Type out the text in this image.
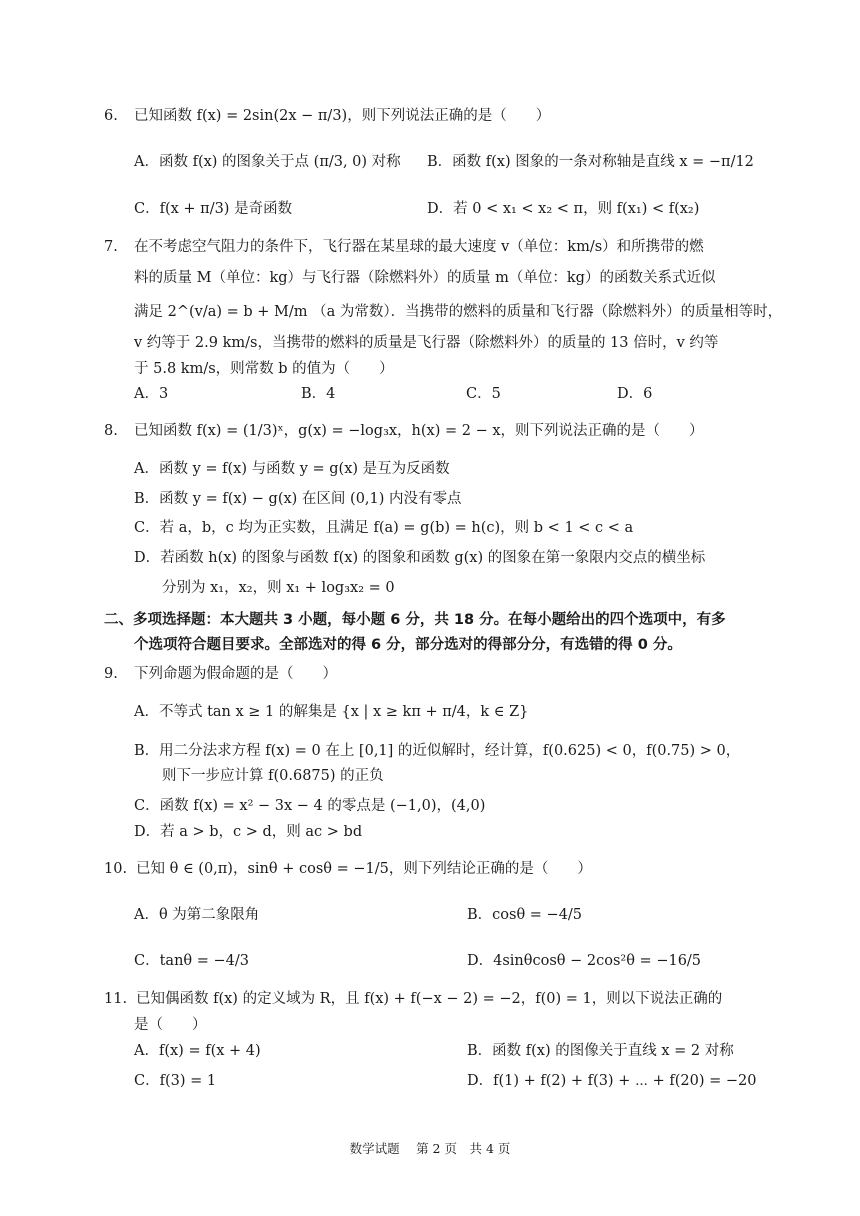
6. 已知函数 f(x) = 2sin(2x − π/3)，则下列说法正确的是（　　）
A．函数 f(x) 的图象关于点 (π/3, 0) 对称 B．函数 f(x) 图象的一条对称轴是直线 x = −π/12
C．f(x + π/3) 是奇函数	D．若 0 < x₁ < x₂ < π，则 f(x₁) < f(x₂)
7. 在不考虑空气阻力的条件下，飞行器在某星球的最大速度 v（单位：km/s）和所携带的燃
料的质量 M（单位：kg）与飞行器（除燃料外）的质量 m（单位：kg）的函数关系式近似
满足 2^(v/a) = b + M/m （a 为常数）．当携带的燃料的质量和飞行器（除燃料外）的质量相等时，
v 约等于 2.9 km/s，当携带的燃料的质量是飞行器（除燃料外）的质量的 13 倍时，v 约等
于 5.8 km/s，则常数 b 的值为（　　）
A．3	B．4	C．5	D．6
8. 已知函数 f(x) = (1/3)ˣ，g(x) = −log₃x，h(x) = 2 − x，则下列说法正确的是（　　）
A．函数 y = f(x) 与函数 y = g(x) 是互为反函数
B．函数 y = f(x) − g(x) 在区间 (0,1) 内没有零点
C．若 a，b，c 均为正实数，且满足 f(a) = g(b) = h(c)，则 b < 1 < c < a
D．若函数 h(x) 的图象与函数 f(x) 的图象和函数 g(x) 的图象在第一象限内交点的横坐标
分别为 x₁，x₂，则 x₁ + log₃x₂ = 0
二、多项选择题：本大题共 3 小题，每小题 6 分，共 18 分。在每小题给出的四个选项中，有多
个选项符合题目要求。全部选对的得 6 分，部分选对的得部分分，有选错的得 0 分。
9. 下列命题为假命题的是（　　）
A．不等式 tan x ≥ 1 的解集是 {x | x ≥ kπ + π/4，k ∈ Z}
B．用二分法求方程 f(x) = 0 在上 [0,1] 的近似解时，经计算，f(0.625) < 0，f(0.75) > 0，
则下一步应计算 f(0.6875) 的正负
C．函数 f(x) = x² − 3x − 4 的零点是 (−1,0)，(4,0)
D．若 a > b，c > d，则 ac > bd
10. 已知 θ ∈ (0,π)，sinθ + cosθ = −1/5，则下列结论正确的是（　　）
A．θ 为第二象限角	B．cosθ = −4/5
C．tanθ = −4/3	D．4sinθcosθ − 2cos²θ = −16/5
11. 已知偶函数 f(x) 的定义域为 R，且 f(x) + f(−x − 2) = −2，f(0) = 1，则以下说法正确的
是（　　）
A．f(x) = f(x + 4)	B．函数 f(x) 的图像关于直线 x = 2 对称
C．f(3) = 1	D．f(1) + f(2) + f(3) + ⋯ + f(20) = −20
数学试题　 第 2 页　共 4 页
